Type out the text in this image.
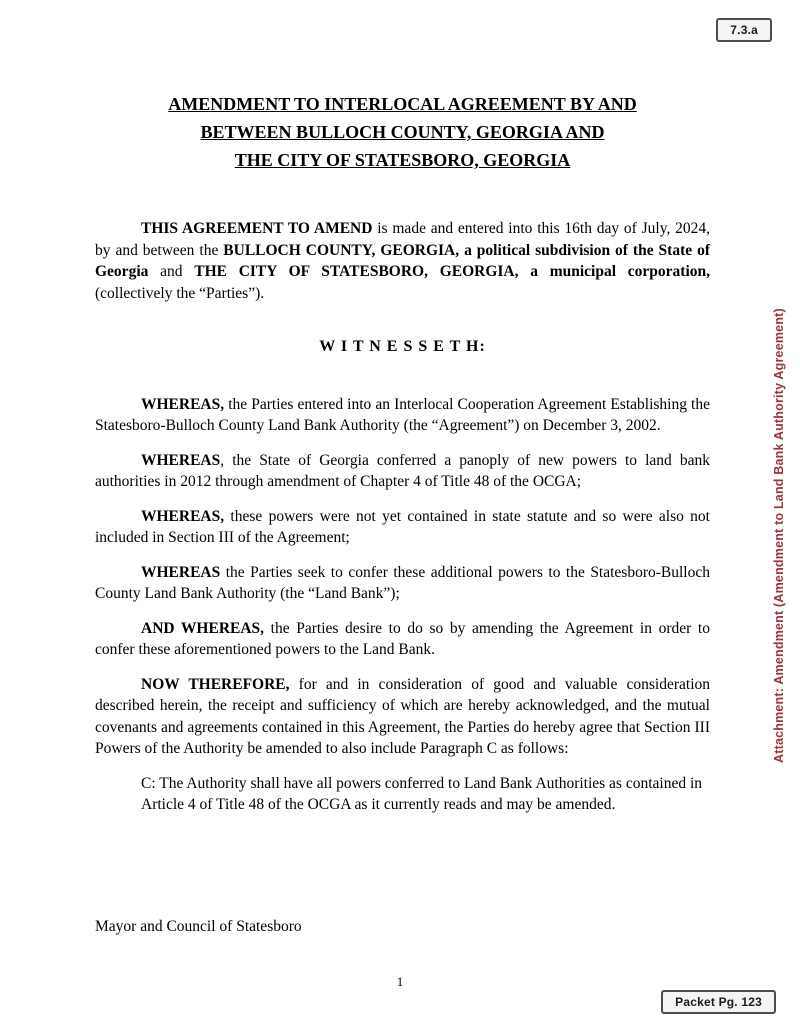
7.3.a
Attachment: Amendment (Amendment to Land Bank Authority Agreement)
AMENDMENT TO INTERLOCAL AGREEMENT BY AND
BETWEEN BULLOCH COUNTY, GEORGIA AND
THE CITY OF STATESBORO, GEORGIA

THIS AGREEMENT TO AMEND is made and entered into this 16th day of July, 2024, by and between the BULLOCH COUNTY, GEORGIA, a political subdivision of the State of Georgia and THE CITY OF STATESBORO, GEORGIA, a municipal corporation, (collectively the “Parties”).

W I T N E S S E T H:

WHEREAS, the Parties entered into an Interlocal Cooperation Agreement Establishing the Statesboro-Bulloch County Land Bank Authority (the “Agreement”) on December 3, 2002.

WHEREAS, the State of Georgia conferred a panoply of new powers to land bank authorities in 2012 through amendment of Chapter 4 of Title 48 of the OCGA;

WHEREAS, these powers were not yet contained in state statute and so were also not included in Section III of the Agreement;

WHEREAS the Parties seek to confer these additional powers to the Statesboro-Bulloch County Land Bank Authority (the “Land Bank”);

AND WHEREAS, the Parties desire to do so by amending the Agreement in order to confer these aforementioned powers to the Land Bank.

NOW THEREFORE, for and in consideration of good and valuable consideration described herein, the receipt and sufficiency of which are hereby acknowledged, and the mutual covenants and agreements contained in this Agreement, the Parties do hereby agree that Section III Powers of the Authority be amended to also include Paragraph C as follows:

C: The Authority shall have all powers conferred to Land Bank Authorities as contained in Article 4 of Title 48 of the OCGA as it currently reads and may be amended.

Mayor and Council of Statesboro
1
Packet Pg. 123
